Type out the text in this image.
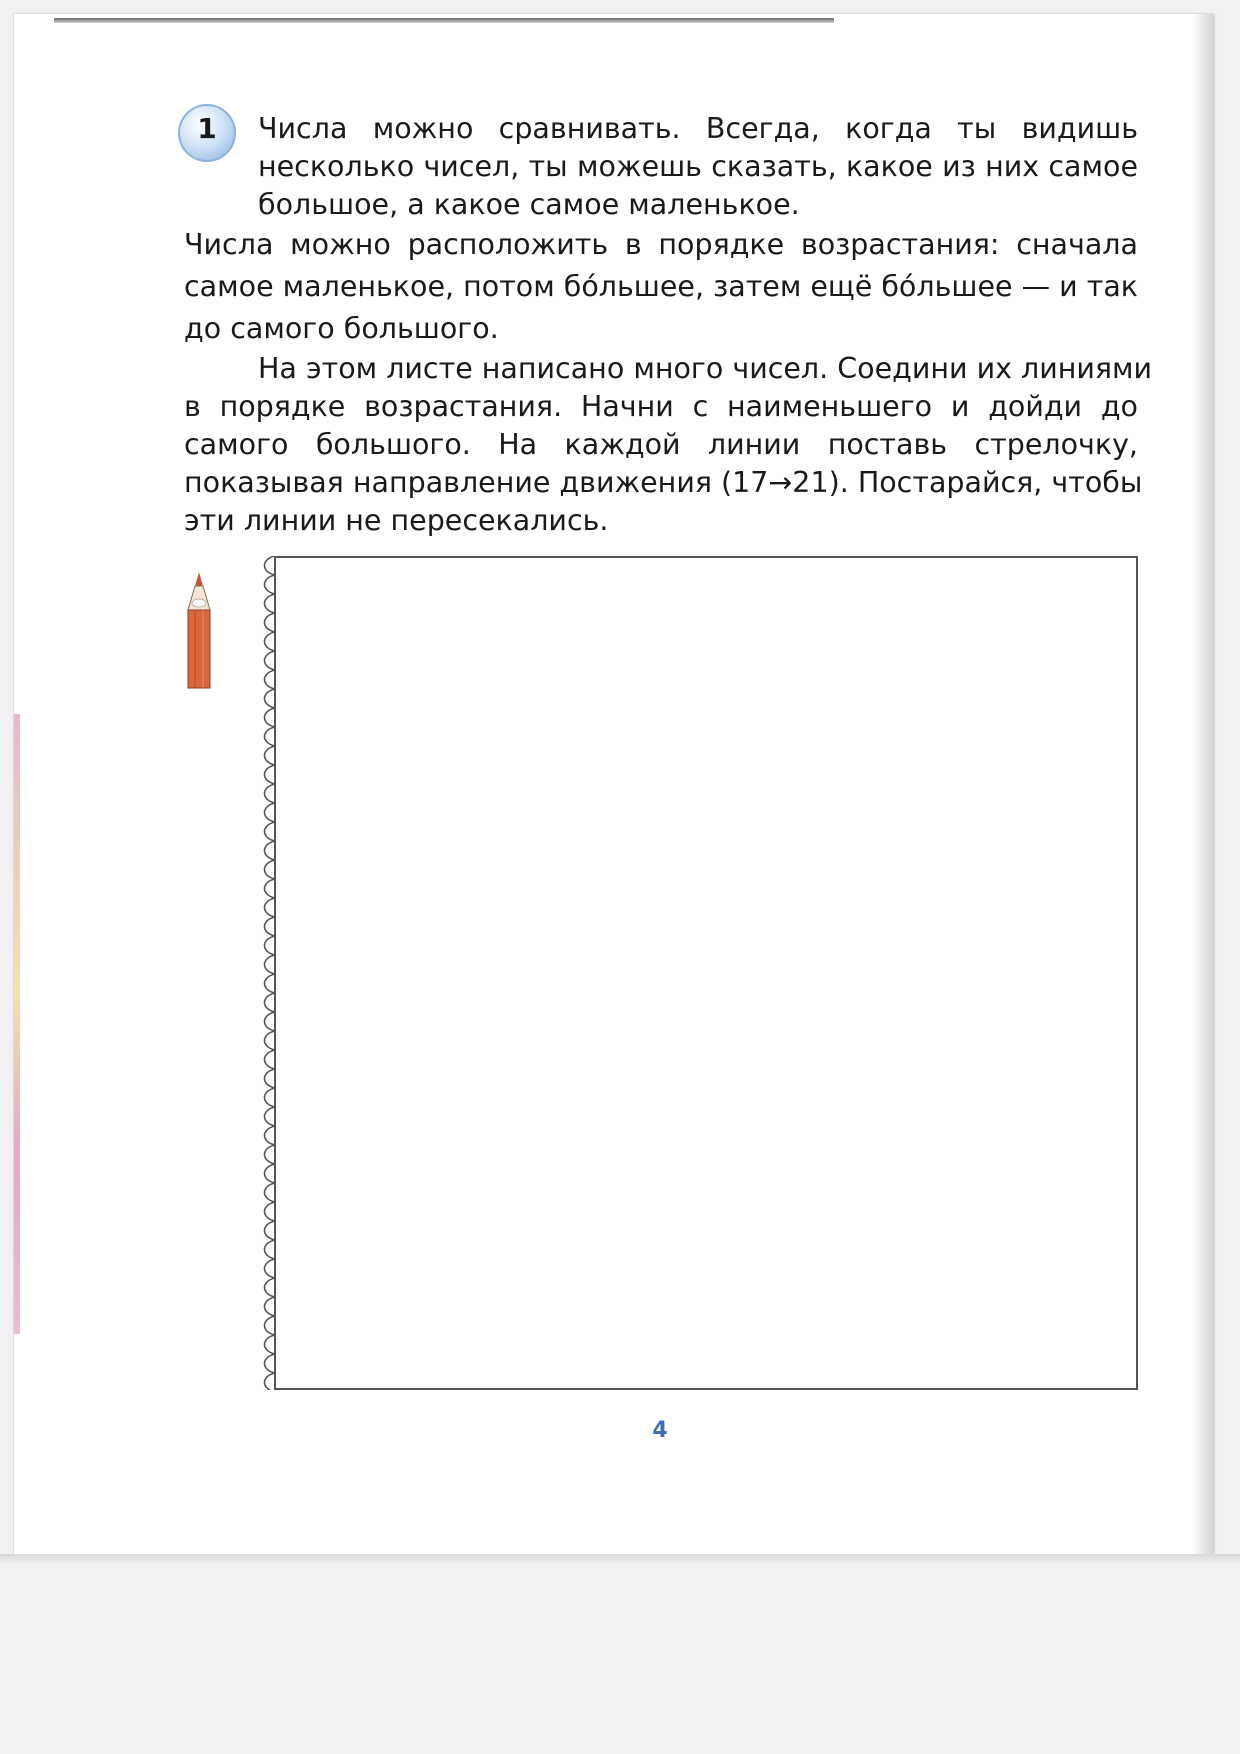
1	Числа можно сравнивать. Всегда, когда ты видишь
несколько чисел, ты можешь сказать, какое из них самое
большое, а какое самое маленькое.
Числа можно расположить в порядке возрастания: сначала
самое маленькое, потом бо́льшее, затем ещё бо́льшее — и так
до самого большого.
На этом листе написано много чисел. Соедини их линиями
в порядке возрастания. Начни с наименьшего и дойди до
самого большого. На каждой линии поставь стрелочку,
показывая направление движения (17→21). Постарайся, чтобы
эти линии не пересекались.
4
